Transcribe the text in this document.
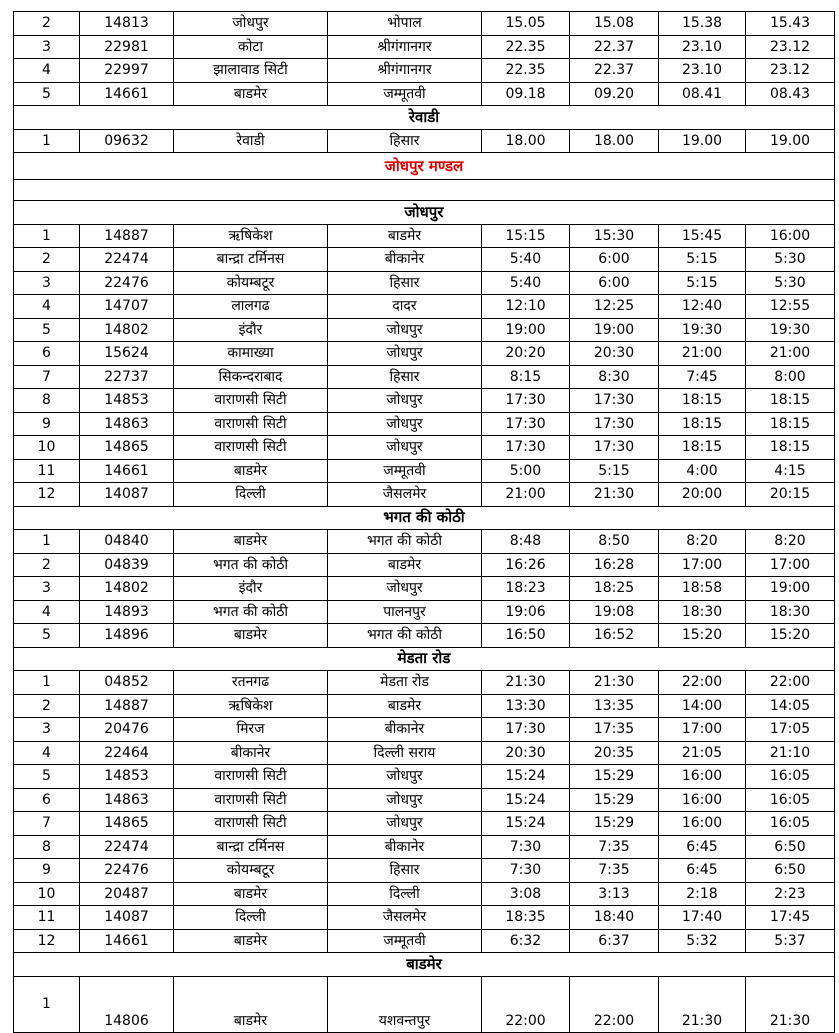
2	14813	जोधपुर	भोपाल	15.05	15.08	15.38	15.43
3	22981	कोटा	श्रीगंगानगर	22.35	22.37	23.10	23.12
4	22997	झालावाड सिटी	श्रीगंगानगर	22.35	22.37	23.10	23.12
5	14661	बाडमेर	जम्मूतवी	09.18	09.20	08.41	08.43
रेवाडी							
1	09632	रेवाडी	हिसार	18.00	18.00	19.00	19.00
जोधपुर मण्डल							

जोधपुर							
1	14887	ऋषिकेश	बाडमेर	15:15	15:30	15:45	16:00
2	22474	बान्द्रा टर्मिनस	बीकानेर	5:40	6:00	5:15	5:30
3	22476	कोयम्बटूर	हिसार	5:40	6:00	5:15	5:30
4	14707	लालगढ	दादर	12:10	12:25	12:40	12:55
5	14802	इंदौर	जोधपुर	19:00	19:00	19:30	19:30
6	15624	कामाख्या	जोधपुर	20:20	20:30	21:00	21:00
7	22737	सिकन्दराबाद	हिसार	8:15	8:30	7:45	8:00
8	14853	वाराणसी सिटी	जोधपुर	17:30	17:30	18:15	18:15
9	14863	वाराणसी सिटी	जोधपुर	17:30	17:30	18:15	18:15
10	14865	वाराणसी सिटी	जोधपुर	17:30	17:30	18:15	18:15
11	14661	बाडमेर	जम्मूतवी	5:00	5:15	4:00	4:15
12	14087	दिल्ली	जैसलमेर	21:00	21:30	20:00	20:15
भगत की कोठी							
1	04840	बाडमेर	भगत की कोठी	8:48	8:50	8:20	8:20
2	04839	भगत की कोठी	बाडमेर	16:26	16:28	17:00	17:00
3	14802	इंदौर	जोधपुर	18:23	18:25	18:58	19:00
4	14893	भगत की कोठी	पालनपुर	19:06	19:08	18:30	18:30
5	14896	बाडमेर	भगत की कोठी	16:50	16:52	15:20	15:20
मेडता रोड							
1	04852	रतनगढ	मेडता रोड	21:30	21:30	22:00	22:00
2	14887	ऋषिकेश	बाडमेर	13:30	13:35	14:00	14:05
3	20476	मिरज	बीकानेर	17:30	17:35	17:00	17:05
4	22464	बीकानेर	दिल्ली सराय	20:30	20:35	21:05	21:10
5	14853	वाराणसी सिटी	जोधपुर	15:24	15:29	16:00	16:05
6	14863	वाराणसी सिटी	जोधपुर	15:24	15:29	16:00	16:05
7	14865	वाराणसी सिटी	जोधपुर	15:24	15:29	16:00	16:05
8	22474	बान्द्रा टर्मिनस	बीकानेर	7:30	7:35	6:45	6:50
9	22476	कोयम्बटूर	हिसार	7:30	7:35	6:45	6:50
10	20487	बाडमेर	दिल्ली	3:08	3:13	2:18	2:23
11	14087	दिल्ली	जैसलमेर	18:35	18:40	17:40	17:45
12	14661	बाडमेर	जम्मूतवी	6:32	6:37	5:32	5:37
बाडमेर							
1	14806	बाडमेर	यशवन्तपुर	22:00	22:00	21:30	21:30
